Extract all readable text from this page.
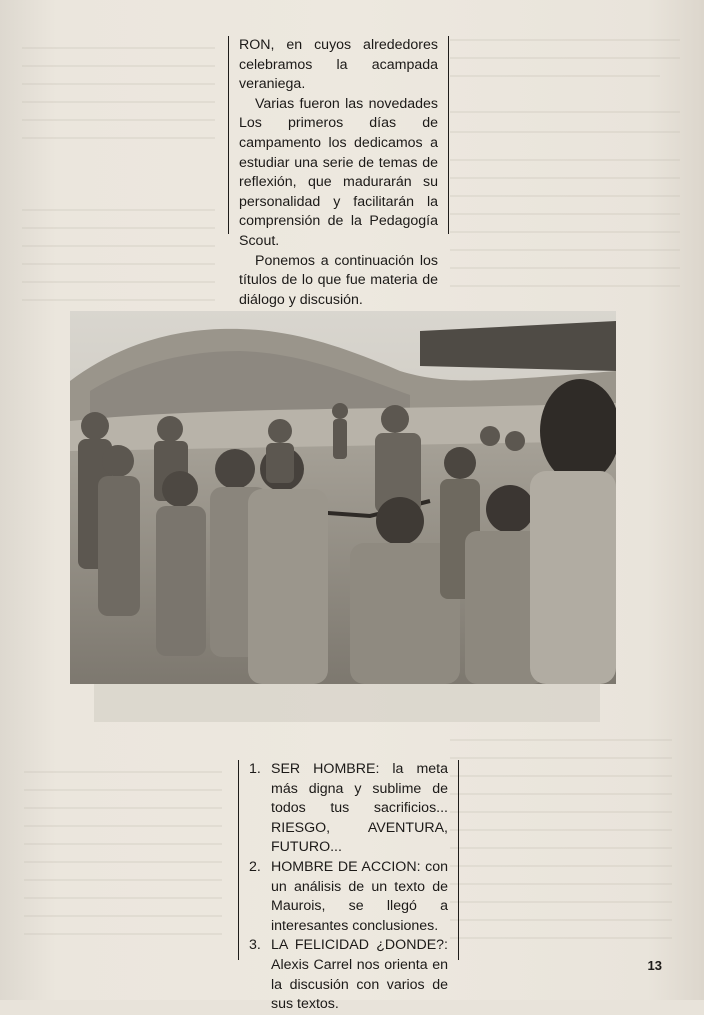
RON, en cuyos alrededores celebramos la acampada veraniega.

Varias fueron las novedades Los primeros días de campamento los dedicamos a estudiar una serie de temas de reflexión, que madurarán su personalidad y facilitarán la comprensión de la Pedagogía Scout.

Ponemos a continuación los títulos de lo que fue materia de diálogo y discusión.

1. SER HOMBRE: la meta más digna y sublime de todos tus sacrificios... RIESGO, AVENTURA, FUTURO...
2. HOMBRE DE ACCION: con un análisis de un texto de Maurois, se llegó a interesantes conclusiones.
3. LA FELICIDAD ¿DONDE?: Alexis Carrel nos orienta en la discusión con varios de sus textos.
13
